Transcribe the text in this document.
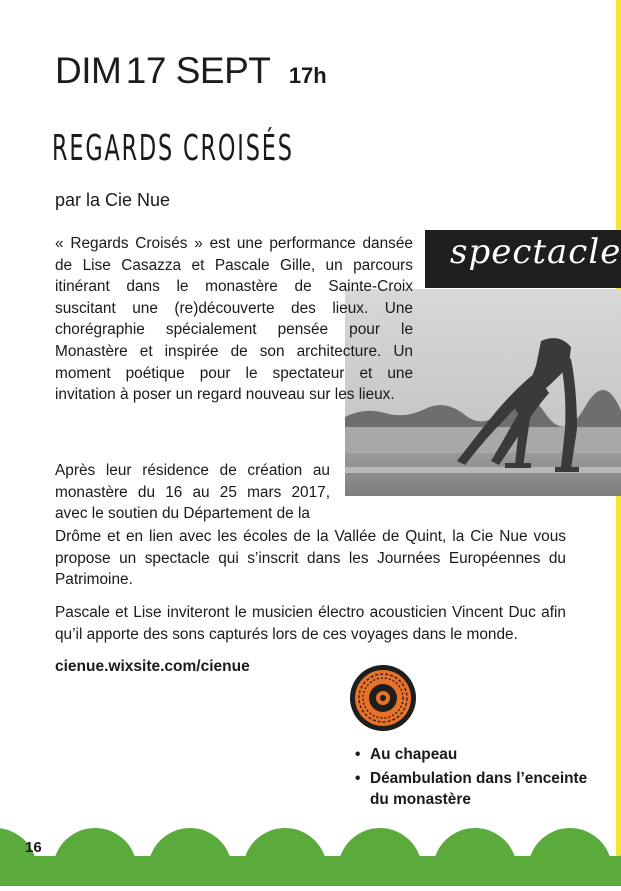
DIM 17 SEPT 17h
REGARDS CROISÉS
par la Cie Nue
spectacle
« Regards Croisés » est une performance dansée de Lise Casazza et Pascale Gille, un parcours itinérant dans le monastère de Sainte-Croix suscitant une (re)découverte des lieux. Une chorégraphie spécialement pensée pour le Monastère et inspirée de son architecture. Un moment poétique pour le spectateur et une invitation à poser un regard nouveau sur les lieux.
Après leur résidence de création au monastère du 16 au 25 mars 2017, avec le soutien du Département de la
Drôme et en lien avec les écoles de la Vallée de Quint, la Cie Nue vous propose un spectacle qui s’inscrit dans les Journées Européennes du Patrimoine.
Pascale et Lise inviteront le musicien électro acousticien Vincent Duc afin qu’il apporte des sons capturés lors de ces voyages dans le monde.
cienue.wixsite.com/cienue
• Au chapeau
• Déambulation dans l’enceinte du monastère
16
